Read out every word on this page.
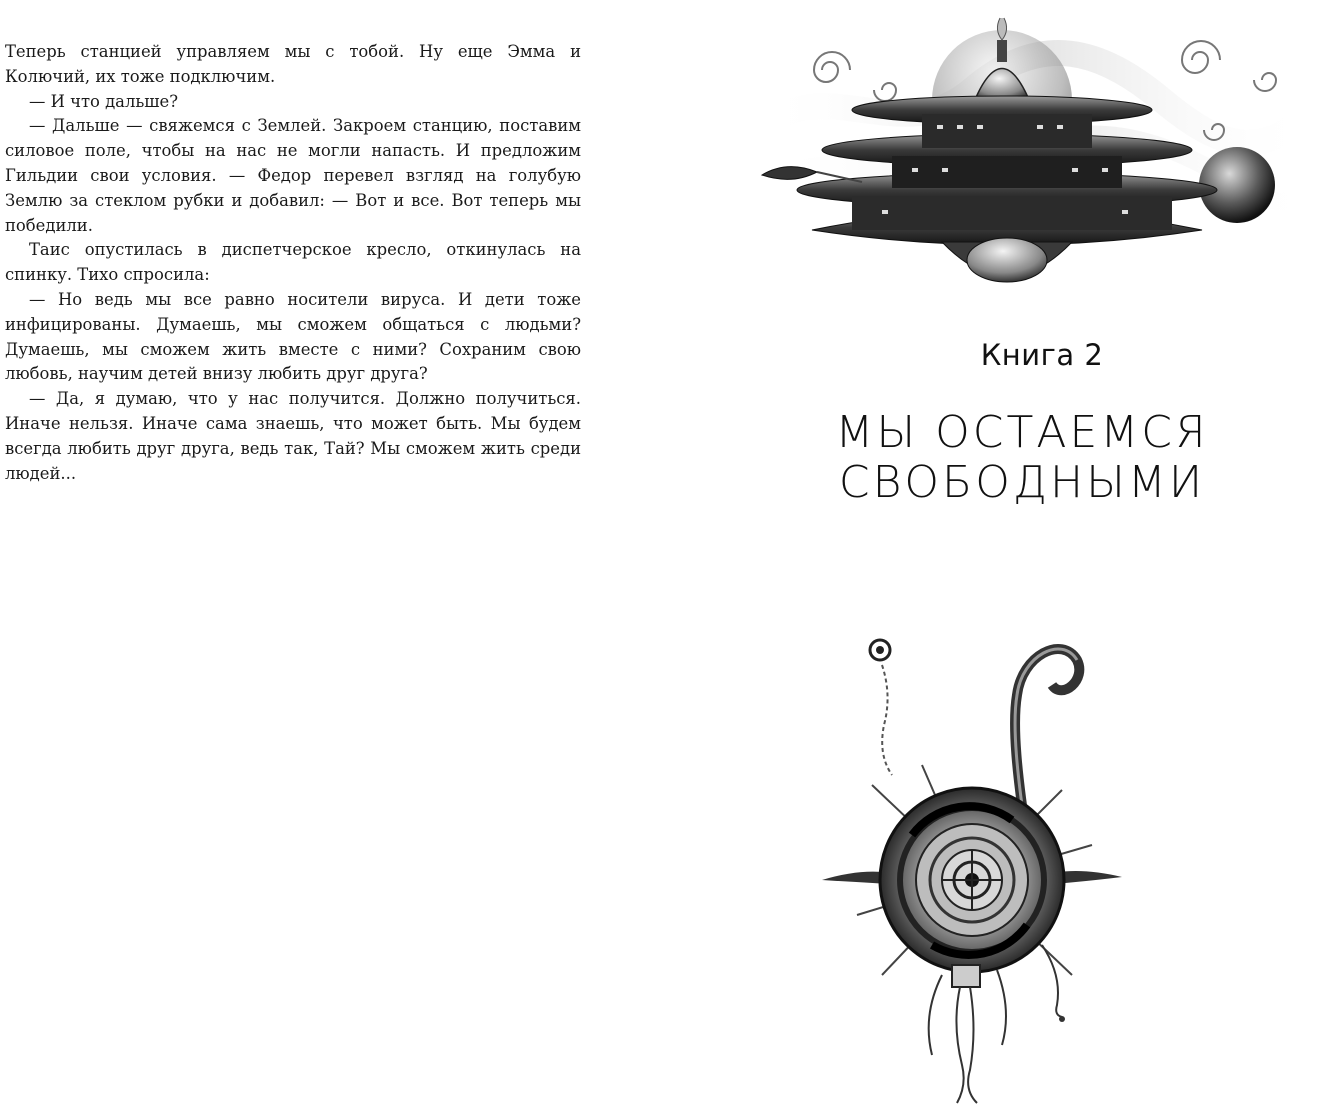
Теперь станцией управляем мы с тобой. Ну еще Эмма и Колючий, их тоже подключим.

— И что дальше?

— Дальше — свяжемся с Землей. Закроем станцию, поставим силовое поле, чтобы на нас не могли напасть. И предложим Гильдии свои условия. — Федор перевел взгляд на голубую Землю за стеклом рубки и добавил: — Вот и все. Вот теперь мы победили.

Таис опустилась в диспетчерское кресло, откинулась на спинку. Тихо спросила:

— Но ведь мы все равно носители вируса. И дети тоже инфицированы. Думаешь, мы сможем общаться с людьми? Думаешь, мы сможем жить вместе с ними? Сохраним свою любовь, научим детей внизу любить друг друга?

— Да, я думаю, что у нас получится. Должно получиться. Иначе нельзя. Иначе сама знаешь, что может быть. Мы будем всегда любить друг друга, ведь так, Тай? Мы сможем жить среди людей...

Книга 2
МЫ ОСТАЕМСЯ
СВОБОДНЫМИ
